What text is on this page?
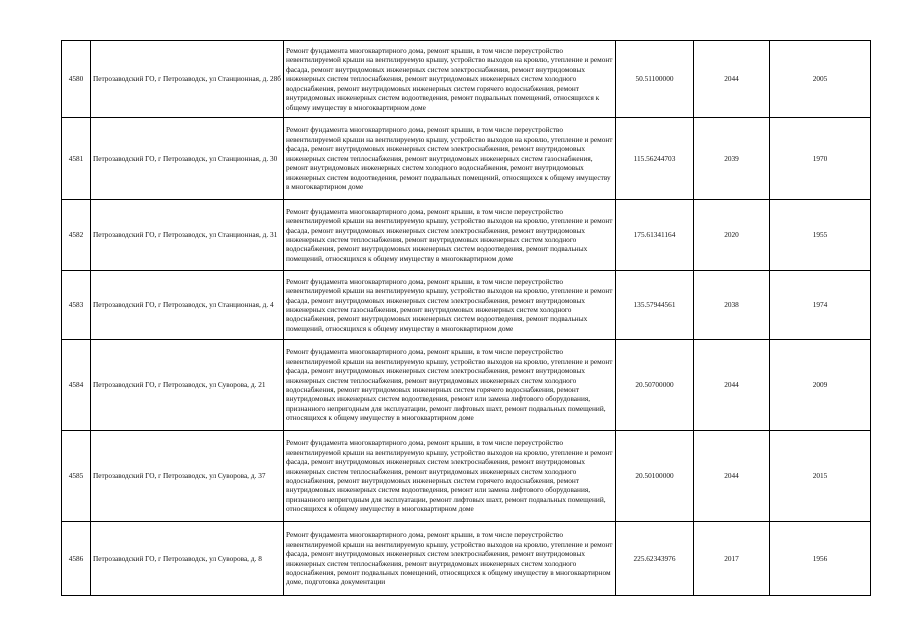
4580	Петрозаводский ГО, г Петрозаводск, ул Станционная, д. 28б	Ремонт фундамента многоквартирного дома, ремонт крыши, в том числе переустройство невентилируемой крыши на вентилируемую крышу, устройство выходов на кровлю, утепление и ремонт фасада, ремонт внутридомовых инженерных систем электроснабжения, ремонт внутридомовых инженерных систем теплоснабжения, ремонт внутридомовых инженерных систем холодного водоснабжения, ремонт внутридомовых инженерных систем горячего водоснабжения, ремонт внутридомовых инженерных систем водоотведения, ремонт подвальных помещений, относящихся к общему имуществу в многоквартирном доме	50.51100000	2044	2005
4581	Петрозаводский ГО, г Петрозаводск, ул Станционная, д. 30	Ремонт фундамента многоквартирного дома, ремонт крыши, в том числе переустройство невентилируемой крыши на вентилируемую крышу, устройство выходов на кровлю, утепление и ремонт фасада, ремонт внутридомовых инженерных систем электроснабжения, ремонт внутридомовых инженерных систем теплоснабжения, ремонт внутридомовых инженерных систем газоснабжения, ремонт внутридомовых инженерных систем холодного водоснабжения, ремонт внутридомовых инженерных систем водоотведения, ремонт подвальных помещений, относящихся к общему имуществу в многоквартирном доме	115.56244703	2039	1970
4582	Петрозаводский ГО, г Петрозаводск, ул Станционная, д. 31	Ремонт фундамента многоквартирного дома, ремонт крыши, в том числе переустройство невентилируемой крыши на вентилируемую крышу, устройство выходов на кровлю, утепление и ремонт фасада, ремонт внутридомовых инженерных систем электроснабжения, ремонт внутридомовых инженерных систем теплоснабжения, ремонт внутридомовых инженерных систем холодного водоснабжения, ремонт внутридомовых инженерных систем водоотведения, ремонт подвальных помещений, относящихся к общему имуществу в многоквартирном доме	175.61341164	2020	1955
4583	Петрозаводский ГО, г Петрозаводск, ул Станционная, д. 4	Ремонт фундамента многоквартирного дома, ремонт крыши, в том числе переустройство невентилируемой крыши на вентилируемую крышу, устройство выходов на кровлю, утепление и ремонт фасада, ремонт внутридомовых инженерных систем электроснабжения, ремонт внутридомовых инженерных систем газоснабжения, ремонт внутридомовых инженерных систем холодного водоснабжения, ремонт внутридомовых инженерных систем водоотведения, ремонт подвальных помещений, относящихся к общему имуществу в многоквартирном доме	135.57944561	2038	1974
4584	Петрозаводский ГО, г Петрозаводск, ул Суворова, д. 21	Ремонт фундамента многоквартирного дома, ремонт крыши, в том числе переустройство невентилируемой крыши на вентилируемую крышу, устройство выходов на кровлю, утепление и ремонт фасада, ремонт внутридомовых инженерных систем электроснабжения, ремонт внутридомовых инженерных систем теплоснабжения, ремонт внутридомовых инженерных систем холодного водоснабжения, ремонт внутридомовых инженерных систем горячего водоснабжения, ремонт внутридомовых инженерных систем водоотведения, ремонт или замена лифтового оборудования, признанного непригодным для эксплуатации, ремонт лифтовых шахт, ремонт подвальных помещений, относящихся к общему имуществу в многоквартирном доме	20.50700000	2044	2009
4585	Петрозаводский ГО, г Петрозаводск, ул Суворова, д. 37	Ремонт фундамента многоквартирного дома, ремонт крыши, в том числе переустройство невентилируемой крыши на вентилируемую крышу, устройство выходов на кровлю, утепление и ремонт фасада, ремонт внутридомовых инженерных систем электроснабжения, ремонт внутридомовых инженерных систем теплоснабжения, ремонт внутридомовых инженерных систем холодного водоснабжения, ремонт внутридомовых инженерных систем горячего водоснабжения, ремонт внутридомовых инженерных систем водоотведения, ремонт или замена лифтового оборудования, признанного непригодным для эксплуатации, ремонт лифтовых шахт, ремонт подвальных помещений, относящихся к общему имуществу в многоквартирном доме	20.50100000	2044	2015
4586	Петрозаводский ГО, г Петрозаводск, ул Суворова, д. 8	Ремонт фундамента многоквартирного дома, ремонт крыши, в том числе переустройство невентилируемой крыши на вентилируемую крышу, устройство выходов на кровлю, утепление и ремонт фасада, ремонт внутридомовых инженерных систем электроснабжения, ремонт внутридомовых инженерных систем теплоснабжения, ремонт внутридомовых инженерных систем холодного водоснабжения, ремонт подвальных помещений, относящихся к общему имуществу в многоквартирном доме, подготовка документации	225.62343976	2017	1956
